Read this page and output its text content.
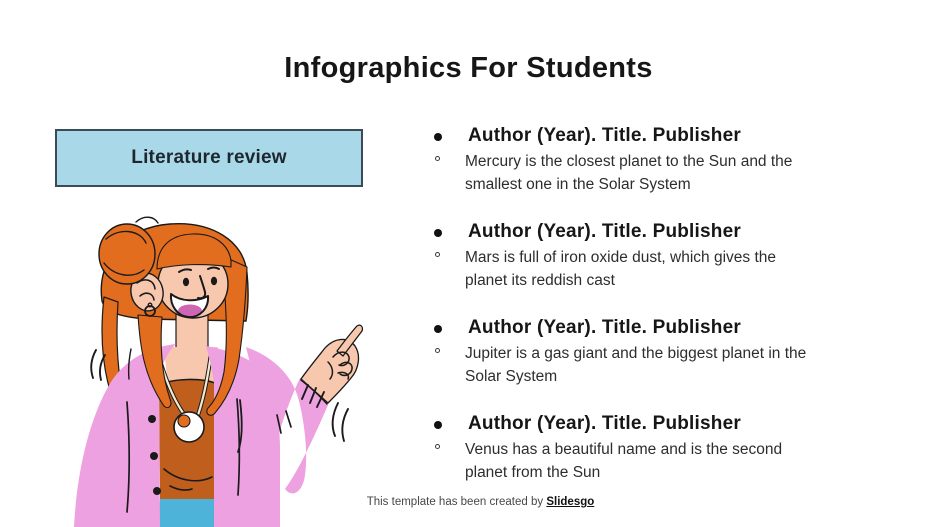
Infographics For Students
Literature review
Author (Year). Title. Publisher

Mercury is the closest planet to the Sun and the
smallest one in the Solar System

Author (Year). Title. Publisher

Mars is full of iron oxide dust, which gives the
planet its reddish cast

Author (Year). Title. Publisher

Jupiter is a gas giant and the biggest planet in the
Solar System

Author (Year). Title. Publisher

Venus has a beautiful name and is the second
planet from the Sun

This template has been created by Slidesgo
